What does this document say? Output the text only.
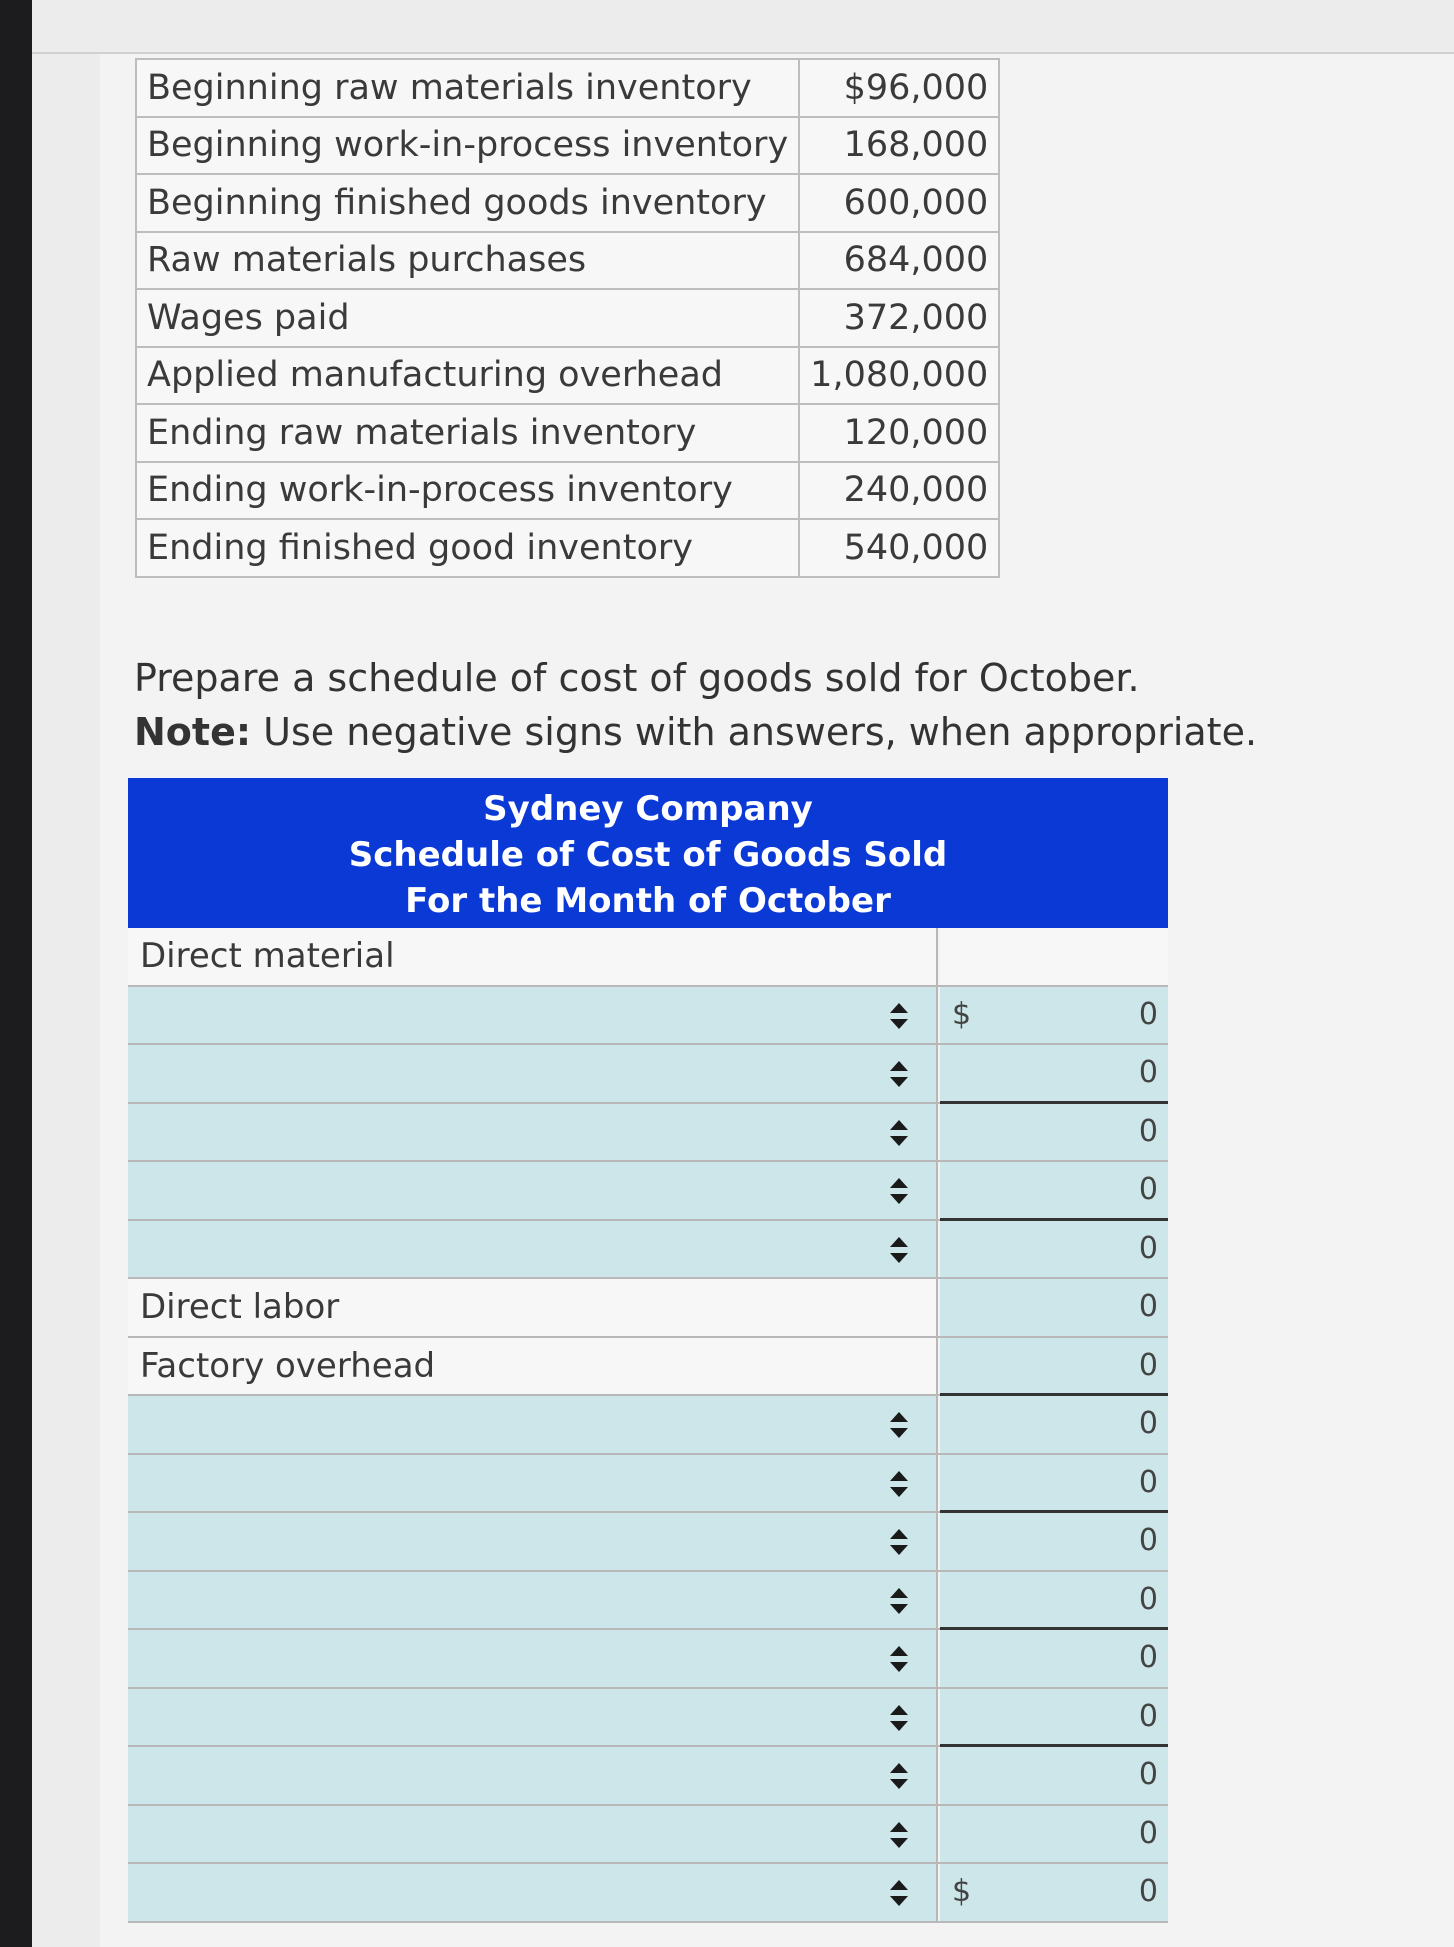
Beginning raw materials inventory	$96,000
Beginning work-in-process inventory	168,000
Beginning finished goods inventory	600,000
Raw materials purchases	684,000
Wages paid	372,000
Applied manufacturing overhead	1,080,000
Ending raw materials inventory	120,000
Ending work-in-process inventory	240,000
Ending finished good inventory	540,000
Prepare a schedule of cost of goods sold for October.
Note: Use negative signs with answers, when appropriate.
Sydney Company
Schedule of Cost of Goods Sold
For the Month of October
Direct material
$	0
0
0
0
0
Direct labor	0
Factory overhead	0
0
0
0
0
0
0
0
0
$	0
